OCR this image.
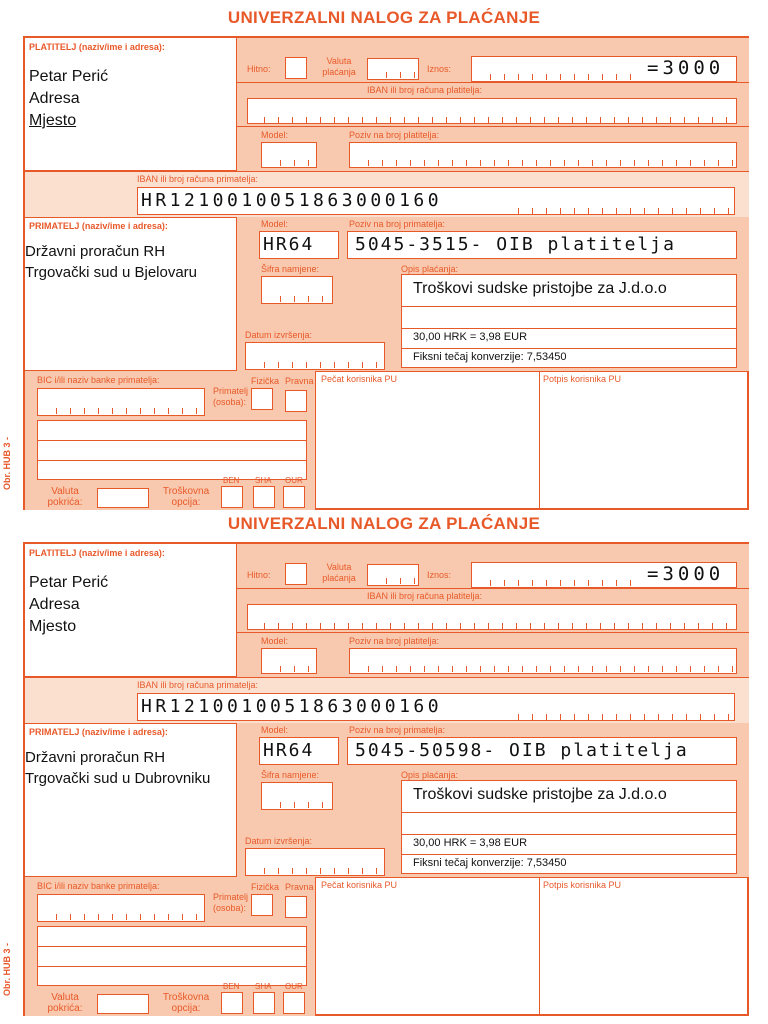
UNIVERZALNI NALOG ZA PLAĆANJE
PLATITELJ (naziv/ime i adresa):
Petar Perić
Adresa
Mjesto
Hitno:
Valuta plaćanja	Iznos:	=3000
IBAN ili broj računa platitelja:
Model:	Poziv na broj platitelja:
IBAN ili broj računa primatelja:
HR1210010051863000160
PRIMATELJ (naziv/ime i adresa):
Državni proračun RH
Trgovački sud u Bjelovaru
Model:	Poziv na broj primatelja:
HR64 5045-3515- OIB platitelja
Šifra namjene:	Opis plaćanja:
Troškovi sudske pristojbe za J.d.o.o
30,00 HRK = 3,98 EUR
Fiksni tečaj konverzije: 7,53450
Datum izvršenja:
BIC i/ili naziv banke primatelja:
Primatelj (osoba):
Fizička Pravna
Valuta pokrića:
Troškovna opcija:
BEN SHA OUR
Pečat korisnika PU	Potpis korisnika PU
Obr. HUB 3 -
UNIVERZALNI NALOG ZA PLAĆANJE
PLATITELJ (naziv/ime i adresa):
Petar Perić
Adresa
Mjesto
Hitno:
Valuta plaćanja	Iznos:	=3000
IBAN ili broj računa platitelja:
Model:	Poziv na broj platitelja:
IBAN ili broj računa primatelja:
HR1210010051863000160
PRIMATELJ (naziv/ime i adresa):
Državni proračun RH
Trgovački sud u Dubrovniku
Model:	Poziv na broj primatelja:
HR64 5045-50598- OIB platitelja
Šifra namjene:	Opis plaćanja:
Troškovi sudske pristojbe za J.d.o.o
30,00 HRK = 3,98 EUR
Fiksni tečaj konverzije: 7,53450
Datum izvršenja:
BIC i/ili naziv banke primatelja:
Primatelj (osoba):
Fizička Pravna
Valuta pokrića:
Troškovna opcija:
BEN SHA OUR
Pečat korisnika PU	Potpis korisnika PU
Obr. HUB 3 -
